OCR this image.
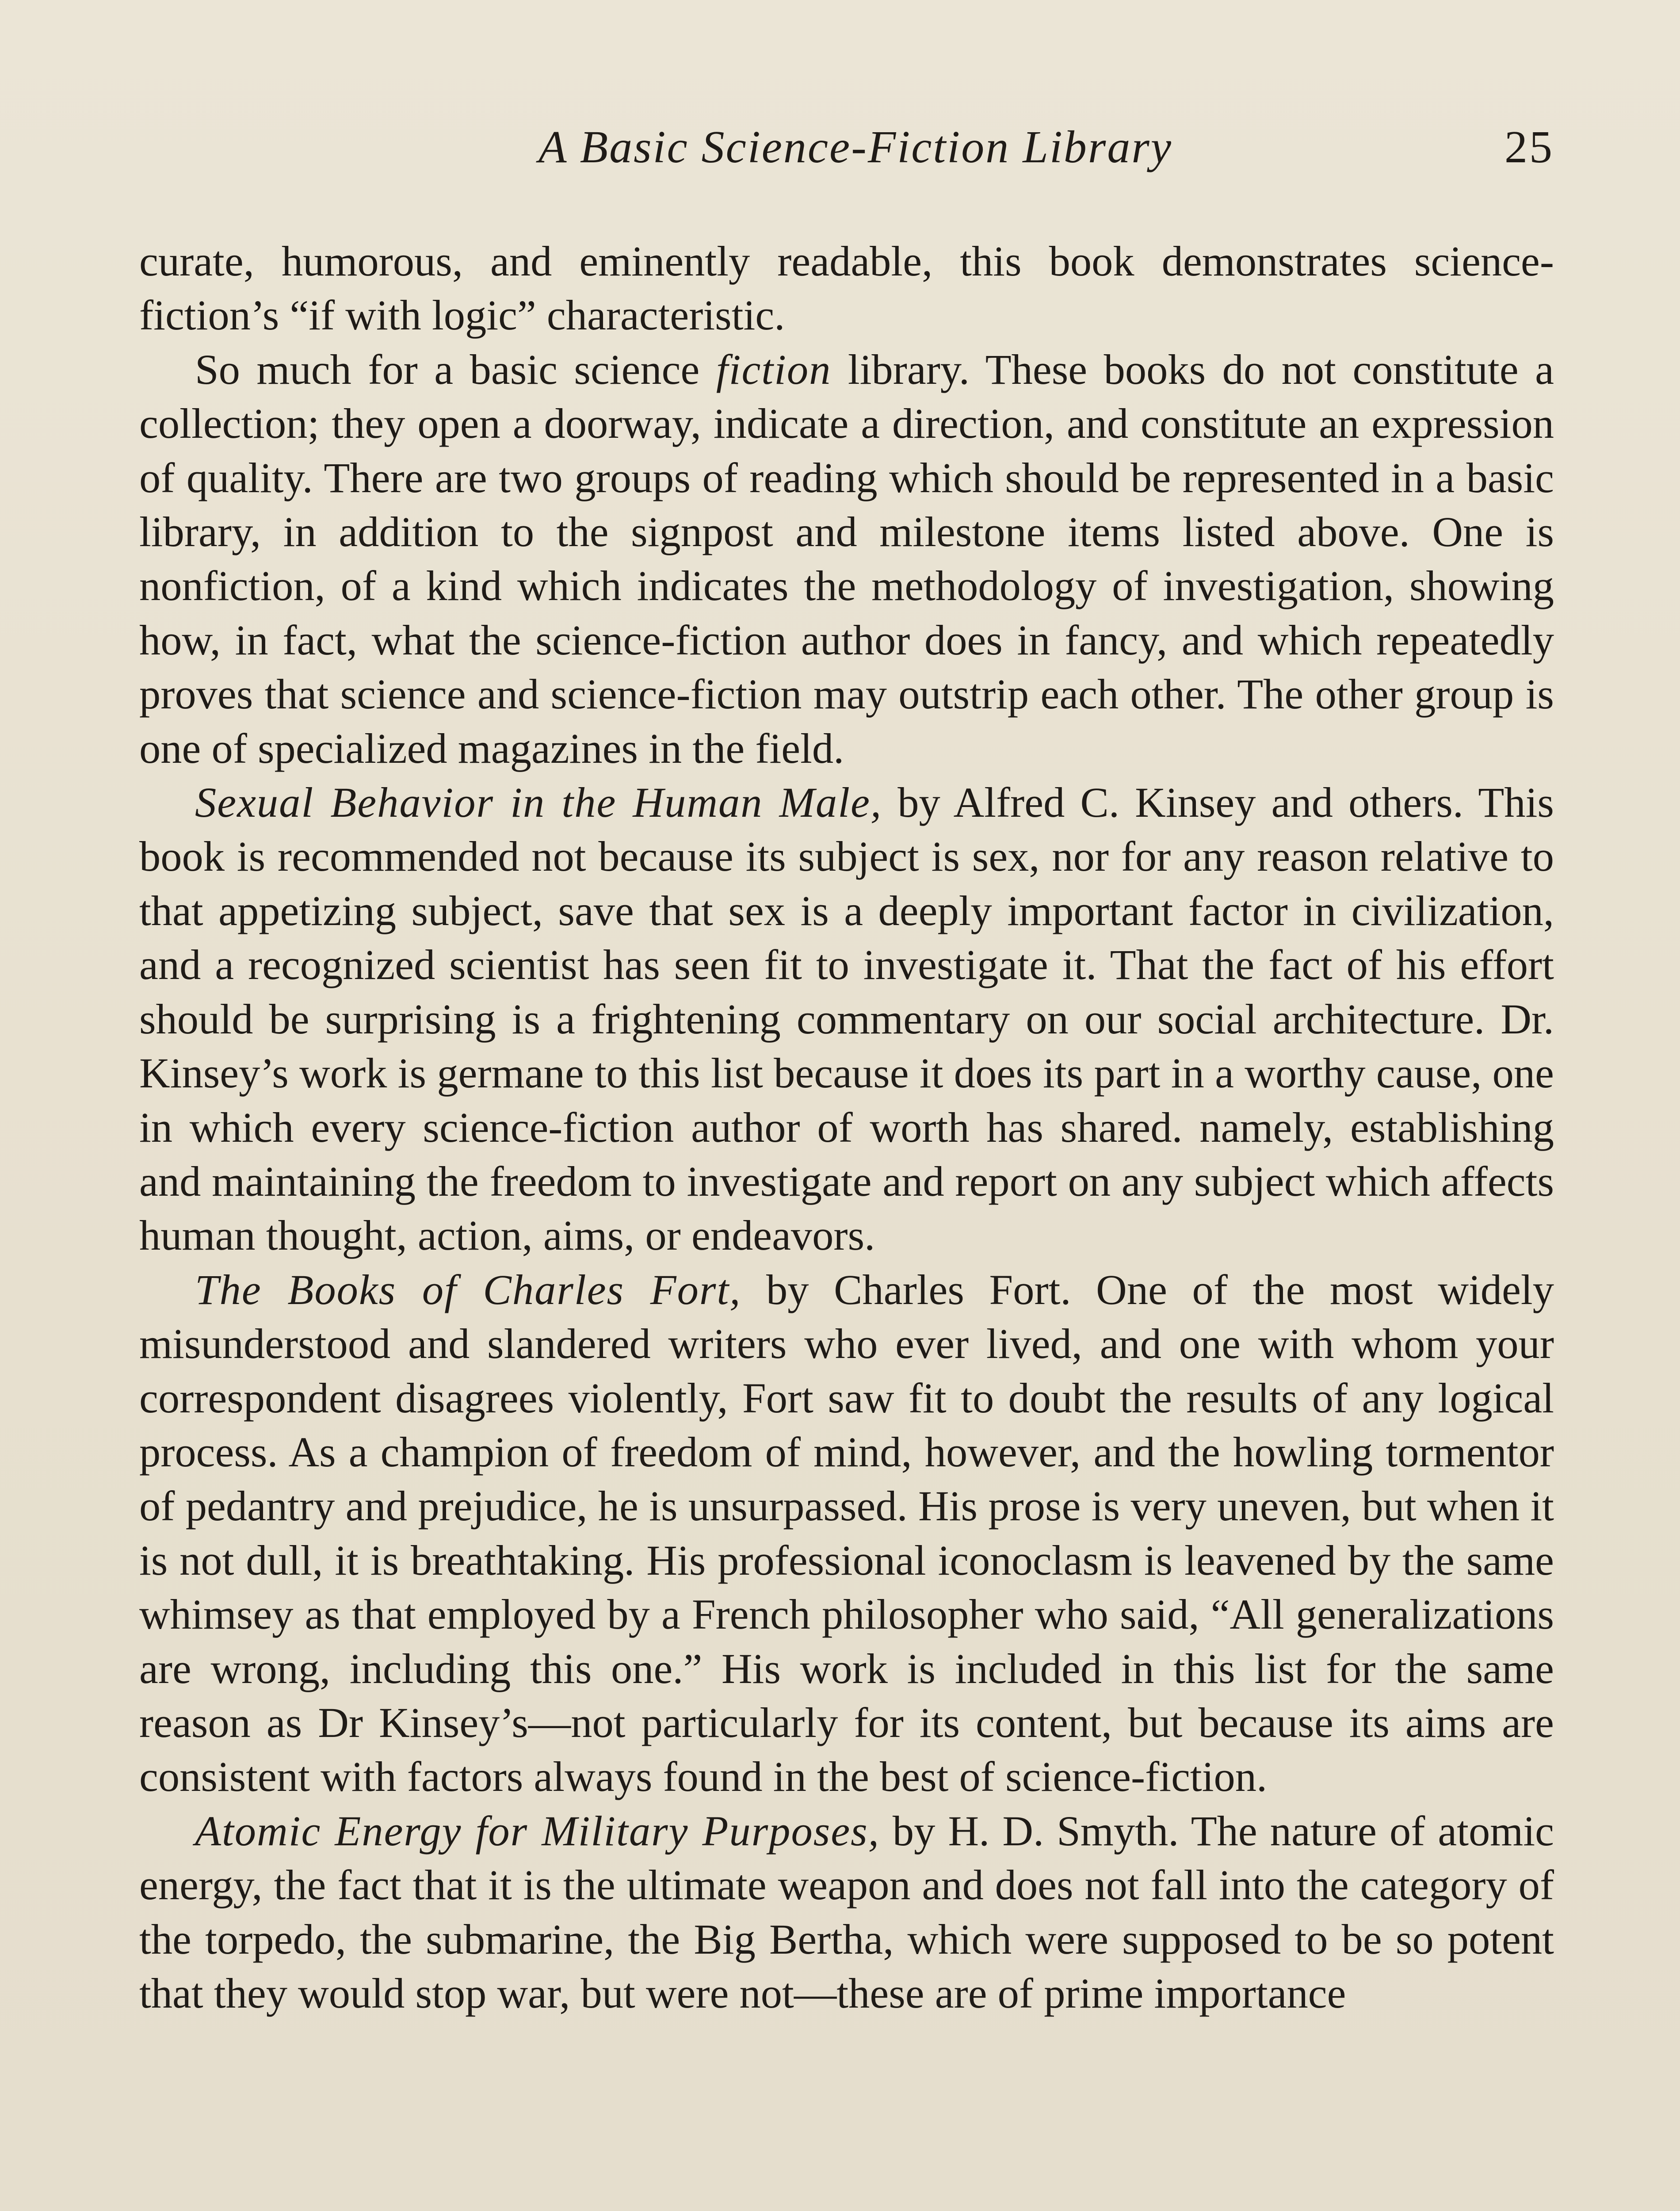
A Basic Science-Fiction Library	25

curate, humorous, and eminently readable, this book demonstrates science-fiction’s “if with logic” characteristic.

So much for a basic science fiction library. These books do not constitute a collection; they open a doorway, indicate a direction, and constitute an expression of quality. There are two groups of reading which should be represented in a basic library, in addition to the signpost and milestone items listed above. One is nonfiction, of a kind which indicates the methodology of investigation, showing how, in fact, what the science-fiction author does in fancy, and which repeatedly proves that science and science-fiction may outstrip each other. The other group is one of specialized magazines in the field.

Sexual Behavior in the Human Male, by Alfred C. Kinsey and others. This book is recommended not because its subject is sex, nor for any reason relative to that appetizing subject, save that sex is a deeply important factor in civilization, and a recognized scientist has seen fit to investigate it. That the fact of his effort should be surprising is a frightening commentary on our social architecture. Dr. Kinsey’s work is germane to this list because it does its part in a worthy cause, one in which every science-fiction author of worth has shared. namely, establishing and maintaining the freedom to investigate and report on any subject which affects human thought, action, aims, or endeavors.

The Books of Charles Fort, by Charles Fort. One of the most widely misunderstood and slandered writers who ever lived, and one with whom your correspondent disagrees violently, Fort saw fit to doubt the results of any logical process. As a champion of freedom of mind, however, and the howling tormentor of pedantry and prejudice, he is unsurpassed. His prose is very uneven, but when it is not dull, it is breathtaking. His professional iconoclasm is leavened by the same whimsey as that employed by a French philosopher who said, “All generalizations are wrong, including this one.” His work is included in this list for the same reason as Dr Kinsey’s—not particularly for its content, but because its aims are consistent with factors always found in the best of science-fiction.

Atomic Energy for Military Purposes, by H. D. Smyth. The nature of atomic energy, the fact that it is the ultimate weapon and does not fall into the category of the torpedo, the submarine, the Big Bertha, which were supposed to be so potent that they would stop war, but were not—these are of prime importance
